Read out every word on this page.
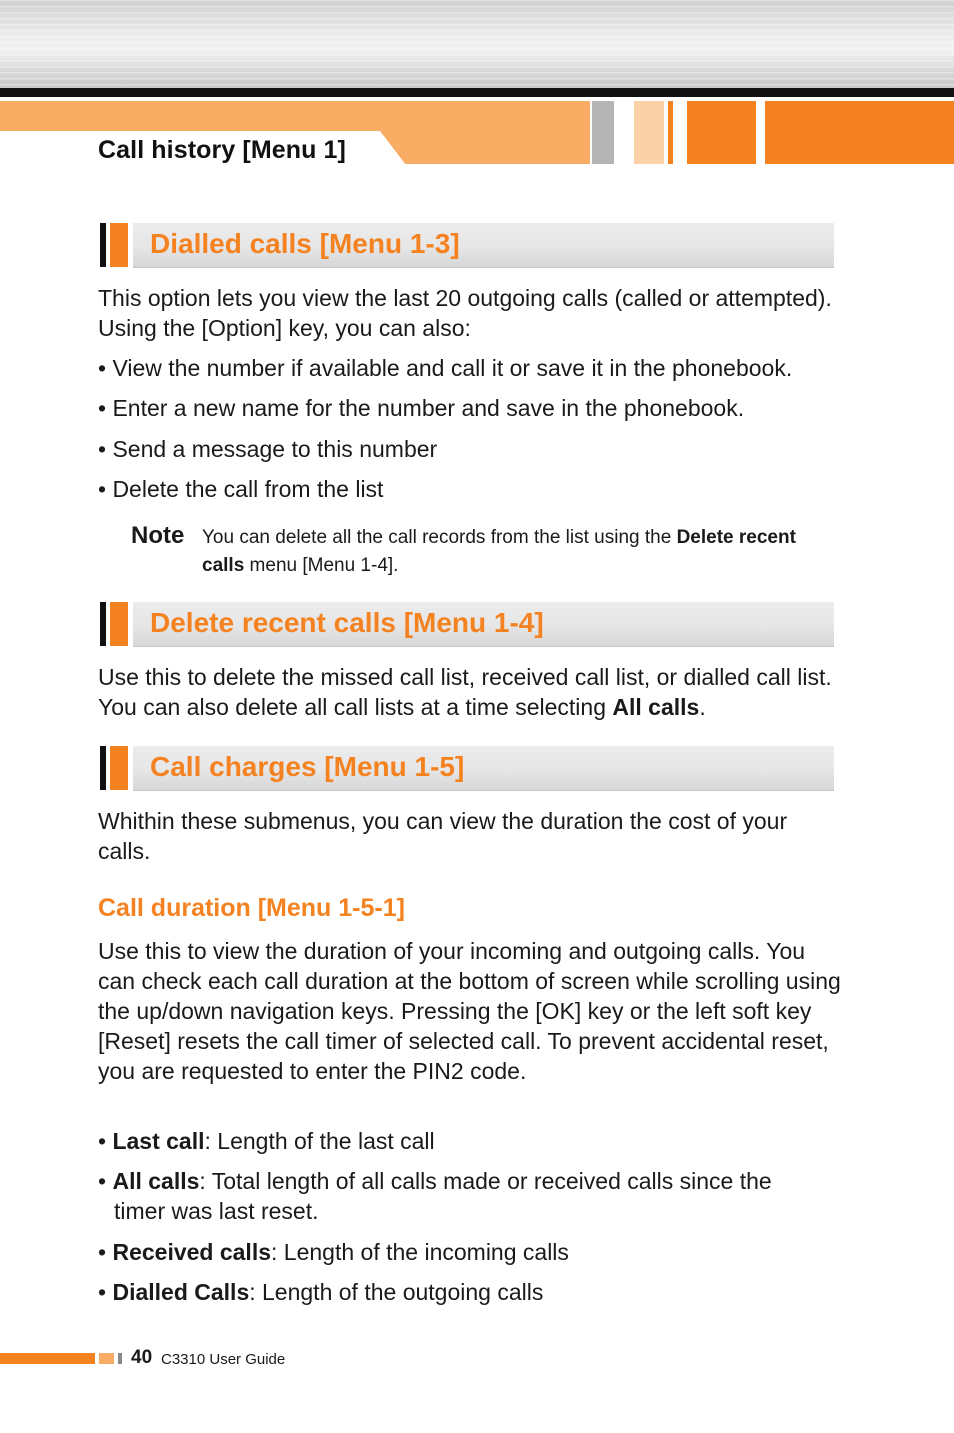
Call history [Menu 1]
Dialled calls [Menu 1-3]
This option lets you view the last 20 outgoing calls (called or attempted). Using the [Option] key, you can also:
• View the number if available and call it or save it in the phonebook.
• Enter a new name for the number and save in the phonebook.
• Send a message to this number
• Delete the call from the list
Note You can delete all the call records from the list using the Delete recent calls menu [Menu 1-4].
Delete recent calls [Menu 1-4]
Use this to delete the missed call list, received call list, or dialled call list. You can also delete all call lists at a time selecting All calls.
Call charges [Menu 1-5]
Whithin these submenus, you can view the duration the cost of your calls.
Call duration [Menu 1-5-1]
Use this to view the duration of your incoming and outgoing calls. You can check each call duration at the bottom of screen while scrolling using the up/down navigation keys. Pressing the [OK] key or the left soft key [Reset] resets the call timer of selected call. To prevent accidental reset, you are requested to enter the PIN2 code.
• Last call: Length of the last call
• All calls: Total length of all calls made or received calls since the
timer was last reset.
• Received calls: Length of the incoming calls
• Dialled Calls: Length of the outgoing calls
40 C3310 User Guide
